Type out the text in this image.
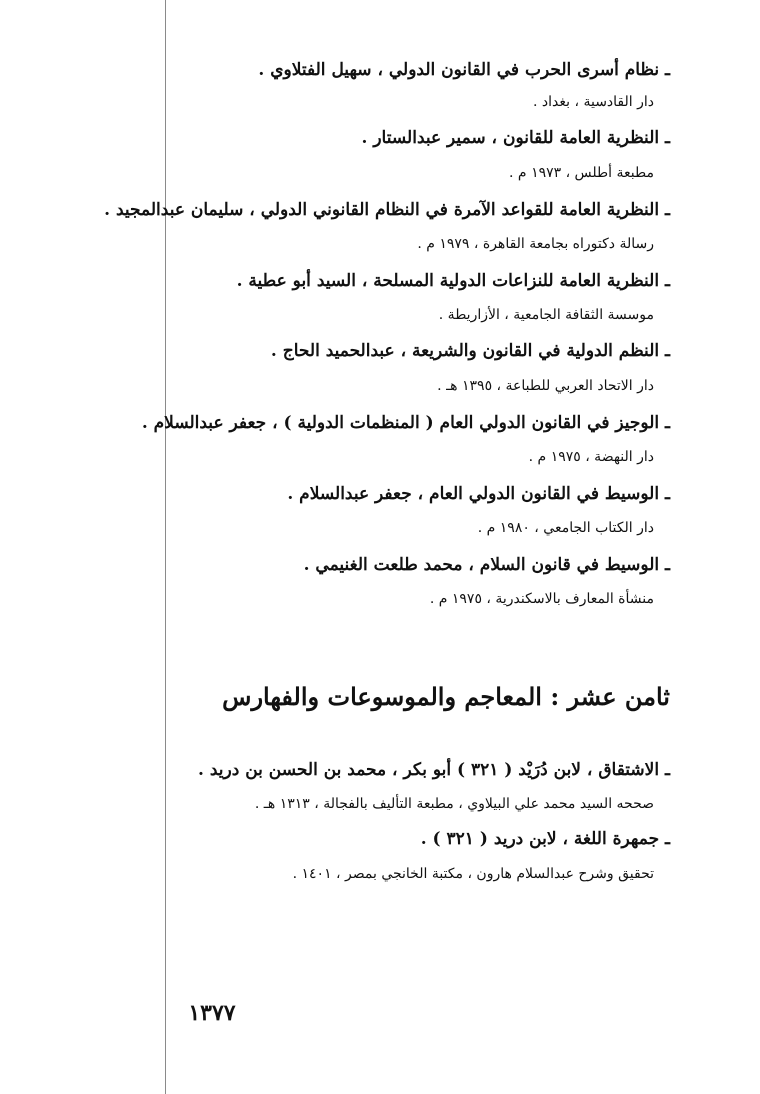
ـ نظام أسرى الحرب في القانون الدولي ، سهيل الفتلاوي .
دار القادسية ، بغداد .
ـ النظرية العامة للقانون ، سمير عبدالستار .
مطبعة أطلس ، ١٩٧٣ م .
ـ النظرية العامة للقواعد الآمرة في النظام القانوني الدولي ، سليمان عبدالمجيد .
رسالة دكتوراه بجامعة القاهرة ، ١٩٧٩ م .
ـ النظرية العامة للنزاعات الدولية المسلحة ، السيد أبو عطية .
موسسة الثقافة الجامعية ، الأزاريطة .
ـ النظم الدولية في القانون والشريعة ، عبدالحميد الحاج .
دار الاتحاد العربي للطباعة ، ١٣٩٥ هـ .
ـ الوجيز في القانون الدولي العام ( المنظمات الدولية ) ، جعفر عبدالسلام .
دار النهضة ، ١٩٧٥ م .
ـ الوسيط في القانون الدولي العام ، جعفر عبدالسلام .
دار الكتاب الجامعي ، ١٩٨٠ م .
ـ الوسيط في قانون السلام ، محمد طلعت الغنيمي .
منشأة المعارف بالاسكندرية ، ١٩٧٥ م .
ثامن عشر : المعاجم والموسوعات والفهارس
ـ الاشتقاق ، لابن دُرَيْد ( ٣٢١ ) أبو بكر ، محمد بن الحسن بن دريد .
صححه السيد محمد علي البيلاوي ، مطبعة التأليف بالفجالة ، ١٣١٣ هـ .
ـ جمهرة اللغة ، لابن دريد ( ٣٢١ ) .
تحقيق وشرح عبدالسلام هارون ، مكتبة الخانجي بمصر ، ١٤٠١ .
١٣٧٧
